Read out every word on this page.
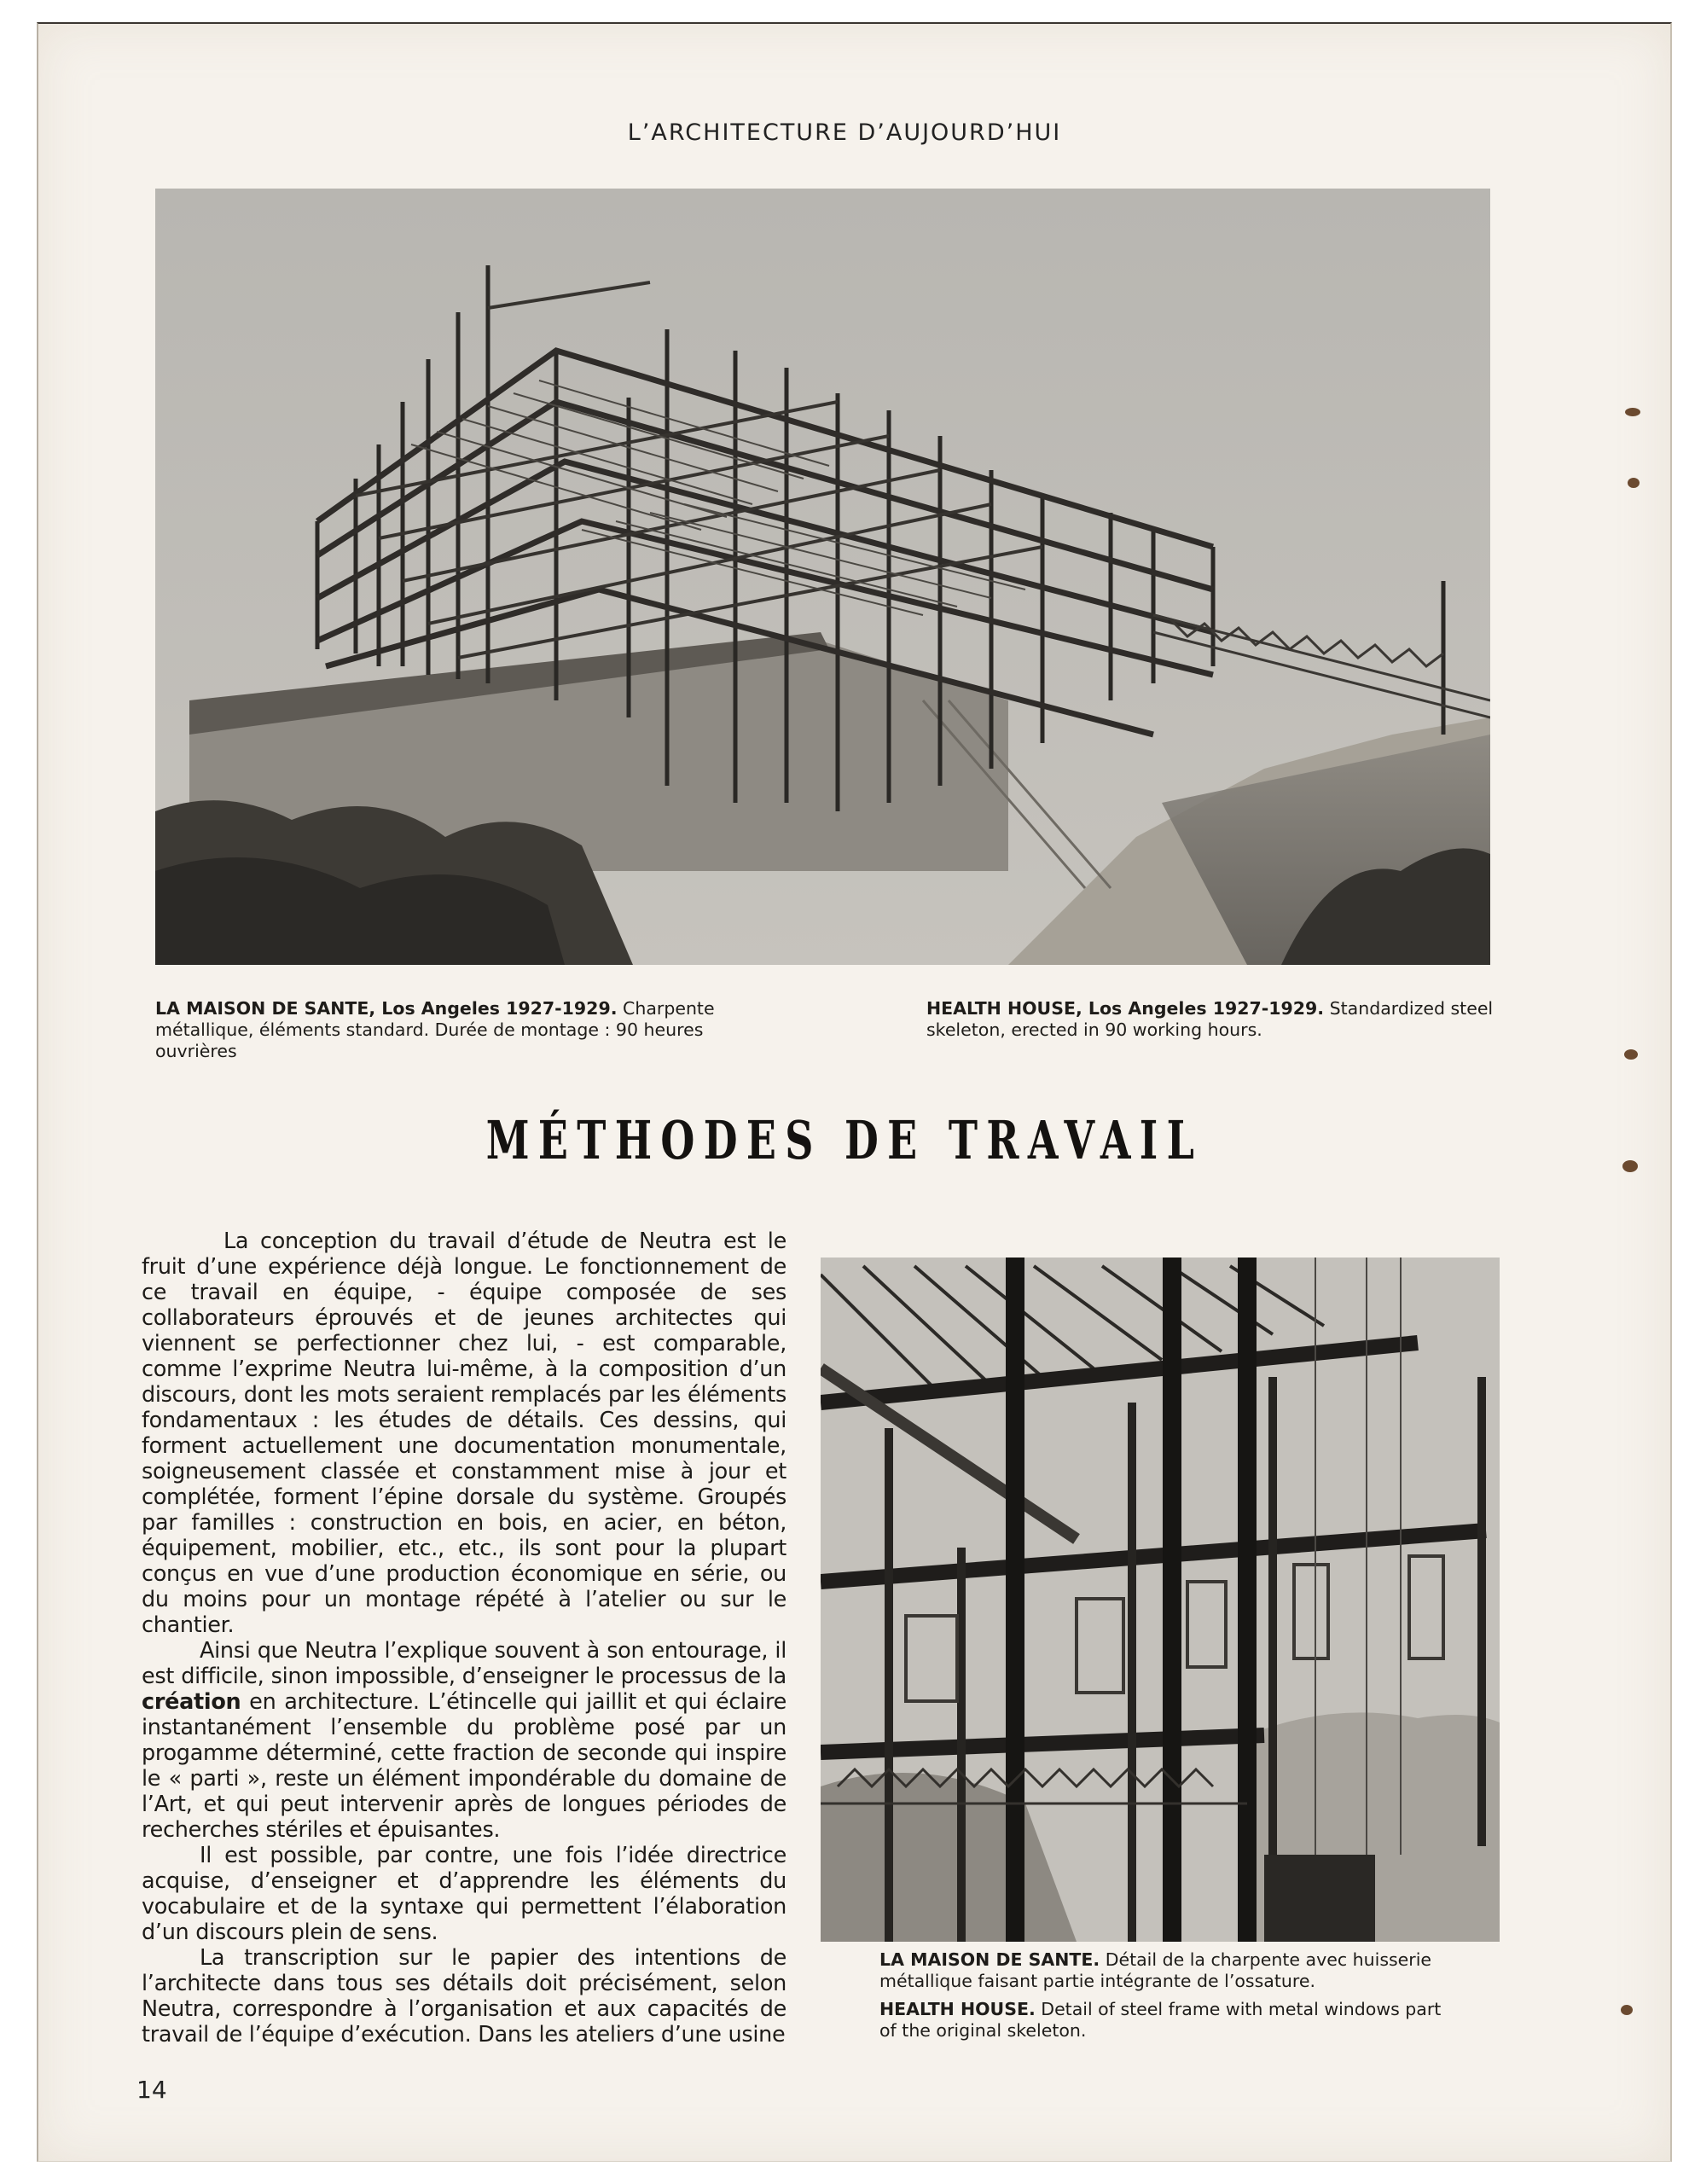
L’ARCHITECTURE D’AUJOURD’HUI
LA MAISON DE SANTE, Los Angeles 1927-1929. Charpente métallique, éléments standard. Durée de montage : 90 heures ouvrières
HEALTH HOUSE, Los Angeles 1927-1929. Standardized steel skeleton, erected in 90 working hours.
MÉTHODES DE TRAVAIL

La conception du travail d’étude de Neutra est le fruit d’une expérience déjà longue. Le fonctionnement de ce travail en équipe, - équipe composée de ses collaborateurs éprouvés et de jeunes architectes qui viennent se perfectionner chez lui, - est comparable, comme l’exprime Neutra lui-même, à la composition d’un discours, dont les mots seraient remplacés par les éléments fondamentaux : les études de détails. Ces dessins, qui forment actuellement une documentation monumentale, soigneusement classée et constamment mise à jour et complétée, forment l’épine dorsale du système. Groupés par familles : construction en bois, en acier, en béton, équipement, mobilier, etc., etc., ils sont pour la plupart conçus en vue d’une production économique en série, ou du moins pour un montage répété à l’atelier ou sur le chantier.

Ainsi que Neutra l’explique souvent à son entourage, il est difficile, sinon impossible, d’enseigner le processus de la création en architecture. L’étincelle qui jaillit et qui éclaire instantanément l’ensemble du problème posé par un progamme déterminé, cette fraction de seconde qui inspire le « parti », reste un élément impondérable du domaine de l’Art, et qui peut intervenir après de longues périodes de recherches stériles et épuisantes.

Il est possible, par contre, une fois l’idée directrice acquise, d’enseigner et d’apprendre les éléments du vocabulaire et de la syntaxe qui permettent l’élaboration d’un discours plein de sens.

La transcription sur le papier des intentions de l’architecte dans tous ses détails doit précisément, selon Neutra, correspondre à l’organisation et aux capacités de travail de l’équipe d’exécution. Dans les ateliers d’une usine

LA MAISON DE SANTE. Détail de la charpente avec huisserie métallique faisant partie intégrante de l’ossature.

HEALTH HOUSE. Detail of steel frame with metal windows part of the original skeleton.

14
